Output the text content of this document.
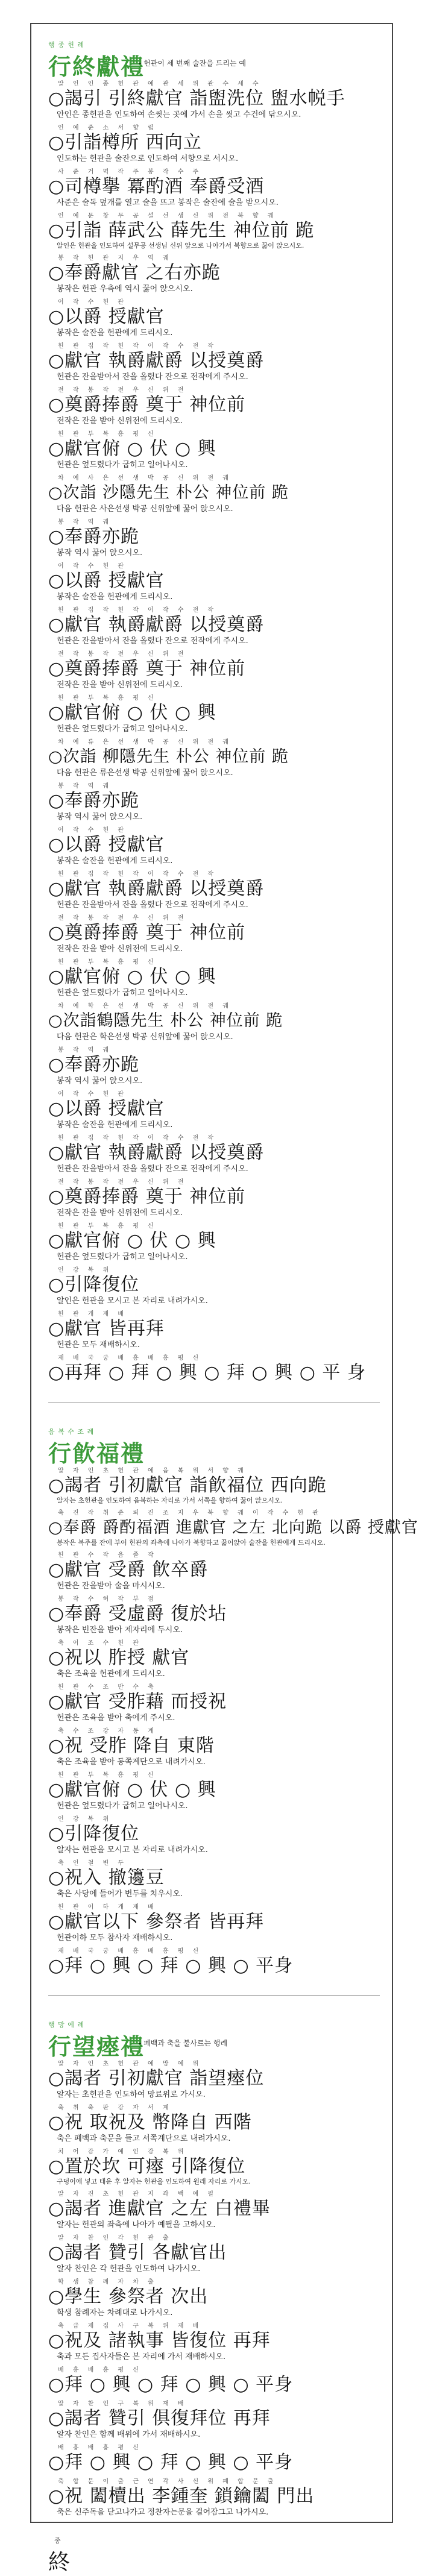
행 종 헌 례
行終獻禮
- 헌관이 세 번째 술잔을 드리는 예
알 인 인 종 헌 관 예 관 세 위 관 수 세 수
○謁引 引終獻官 詣盥洗位 盥水帨手
안인은 종헌관을 인도하여 손씻는 곳에 가서 손을 씻고 수건에 닦으시오.
인 예 준 소 서 향 립
○引詣樽所 西向立
인도하는 헌관을 술잔으로 인도하여 서향으로 서시오.
사 준 거 멱 작 주 봉 작 수 주
○司樽擧 冪酌酒 奉爵受酒
사준은 술독 덮개를 열고 술을 뜨고 봉작은 술잔에 술을 받으시오.
인 예 문 창 무 공 설 선 생 신 위 전 북 향 궤
○引詣 薛武公 薛先生 神位前 跪
알인은 헌관을 인도하여 설무공 선생님 신위 앞으로 나아가서 북향으로 꿇어 앉으시오.
봉 작 헌 관 지 우 역 궤
○奉爵獻官 之右亦跪
봉작은 헌관 우측에 역시 꿇어 앉으시오.
이 작 수 헌 관
○以爵 授獻官
봉작은 술잔을 헌관에게 드리시오.
헌 관 집 작 헌 작 이 작 수 전 작
○獻官 執爵獻爵 以授奠爵
헌관은 잔을받아서 잔을 올렸다 잔으로 전작에게 주시오.
전 작 봉 작 전 우 신 위 전
○奠爵捧爵 奠于 神位前
전작은 잔을 받아 신위전에 드리시오.
헌 관 부 복 흥 평 신
○獻官俯 ○ 伏 ○ 興
헌관은 엎드렸다가 굽히고 일어나시오.
차 예 사 은 선 생 박 공 신 위 전 궤
○次詣 沙隱先生 朴公 神位前 跪
다음 헌관은 사은선생 박공 신위앞에 꿇어 앉으시오.
봉 작 역 궤
○奉爵亦跪
봉작 역시 꿇어 앉으시오.
이 작 수 헌 관
○以爵 授獻官
봉작은 술잔을 헌관에게 드리시오.
헌 관 집 작 헌 작 이 작 수 전 작
○獻官 執爵獻爵 以授奠爵
헌관은 잔을받아서 잔을 올렸다 잔으로 전작에게 주시오.
전 작 봉 작 전 우 신 위 전
○奠爵捧爵 奠于 神位前
전작은 잔을 받아 신위전에 드리시오.
헌 관 부 복 흥 평 신
○獻官俯 ○ 伏 ○ 興
헌관은 엎드렸다가 굽히고 일어나시오.
차 예 류 은 선 생 박 공 신 위 전 궤
○次詣 柳隱先生 朴公 神位前 跪
다음 헌관은 류은선생 박공 신위앞에 꿇어 앉으시오.
봉 작 역 궤
○奉爵亦跪
봉작 역시 꿇어 앉으시오.
이 작 수 헌 관
○以爵 授獻官
봉작은 술잔을 헌관에게 드리시오.
헌 관 집 작 헌 작 이 작 수 전 작
○獻官 執爵獻爵 以授奠爵
헌관은 잔을받아서 잔을 올렸다 잔으로 전작에게 주시오.
전 작 봉 작 전 우 신 위 전
○奠爵捧爵 奠于 神位前
전작은 잔을 받아 신위전에 드리시오.
헌 관 부 복 흥 평 신
○獻官俯 ○ 伏 ○ 興
헌관은 엎드렸다가 굽히고 일어나시오.
차 예 학 은 선 생 박 공 신 위 전 궤
○次詣鶴隱先生 朴公 神位前 跪
다음 헌관은 학은선생 박공 신위앞에 꿇어 앉으시오.
봉 작 역 궤
○奉爵亦跪
봉작 역시 꿇어 앉으시오.
이 작 수 헌 관
○以爵 授獻官
봉작은 술잔을 헌관에게 드리시오.
헌 관 집 작 헌 작 이 작 수 전 작
○獻官 執爵獻爵 以授奠爵
헌관은 잔을받아서 잔을 올렸다 잔으로 전작에게 주시오.
전 작 봉 작 전 우 신 위 전
○奠爵捧爵 奠于 神位前
전작은 잔을 받아 신위전에 드리시오.
헌 관 부 복 흥 평 신
○獻官俯 ○ 伏 ○ 興
헌관은 엎드렸다가 굽히고 일어나시오.
인 강 복 위
○引降復位
알인은 헌관을 모시고 본 자리로 내려가시오.
헌 관 개 재 배
○獻官 皆再拜
헌관은 모두 재배하시오.
재 배 국 궁 배 흥 배 흥 평 신
○再拜 ○ 拜 ○ 興 ○ 拜 ○ 興 ○ 平 身
음 복 수 조 례
行飮福禮
알 자 인 초 헌 관 예 음 복 위 서 향 궤
○謁者 引初獻官 詣飮福位 西向跪
알자는 초헌관을 인도하여 음복하는 자리로 가서 서쪽을 향하여 꿇어 앉으시오.
축 진 작 취 준 뢰 진 조 지 우 북 향 궤 이 작 수 헌 관
○奉爵 爵酌福酒 進獻官 之左 北向跪 以爵 授獻官
봉작은 복주를 잔에 부어 헌관의 좌측에 나아가 북향하고 꿇어앉아 술잔을 헌관에게 드리시오.
헌 관 수 작 음 졸 작
○獻官 受爵 飮卒爵
헌관은 잔을받아 술을 마시시오.
봉 작 수 허 작 부 점
○奉爵 受虛爵 復於坫
봉작은 빈잔을 받아 제자리에 두시오.
축 이 조 수 헌 관
○祝以 胙授 獻官
축은 조육을 헌관에게 드리시오.
헌 관 수 조 반 수 축
○獻官 受胙藉 而授祝
헌관은 조육을 받아 축에게 주시오.
축 수 조 강 자 동 계
○祝 受胙 降自 東階
축은 조육을 받아 동쪽계단으로 내려가시오.
헌 관 부 복 흥 평 신
○獻官俯 ○ 伏 ○ 興
헌관은 엎드렸다가 굽히고 일어나시오.
인 강 복 위
○引降復位
알자는 헌관을 모시고 본 자리로 내려가시오.
축 인 철 변 두
○祝入 撤籩豆
축은 사당에 들어가 변두를 치우시오.
헌 관 이 하 개 재 배
○獻官以下 參祭者 皆再拜
헌관이하 모두 참사자 재배하시오.
재 배 국 궁 배 흥 배 흥 평 신
○拜 ○ 興 ○ 拜 ○ 興 ○ 平身
행 망 예 례
行望瘞禮
- 폐백과 축을 불사르는 행례
알 자 인 초 헌 관 예 망 예 위
○謁者 引初獻官 詣望瘞位
알자는 초헌관을 인도하여 망료위로 가시오.
축 취 축 판 강 자 서 계
○祝 取祝及 幣降自 西階
축은 폐백과 축문을 들고 서쪽계단으로 내려가시오.
치 어 감 가 예 인 강 복 위
○置於坎 可瘞 引降復位
구덩이에 넣고 태운 후 알자는 헌관을 인도하여 원래 자리로 가시오.
알 자 진 초 헌 관 지 좌 백 예 필
○謁者 進獻官 之左 白禮畢
알자는 헌관의 좌측에 나아가 예필을 고하시오.
알 자 찬 인 각 헌 관 출
○謁者 贊引 各獻官出
알자 찬인은 각 헌관을 인도하여 나가시오.
학 생 참 례 자 차 출
○學生 參祭者 次出
학생 참례자는 차례대로 나가시오.
축 급 제 집 사 구 복 위 재 배
○祝及 諸執事 皆復位 再拜
축과 모든 집사자들은 본 자리에 가서 재배하시오.
배 흥 배 흥 평 신
○拜 ○ 興 ○ 拜 ○ 興 ○ 平身
알 자 찬 인 구 복 위 재 배
○謁者 贊引 俱復拜位 再拜
알자 찬인은 함께 배위에 가서 재배하시오.
배 흥 배 흥 평 신
○拜 ○ 興 ○ 拜 ○ 興 ○ 平身
축 합 문 이 출 근 연 각 사 신 위 폐 합 문 출
○祝 闔櫝出 李鍾奎 鎖鑰闔 門出
축은 신주독을 닫고나가고 정찬자는문을 걸어잠그고 나가시오.
종
終
